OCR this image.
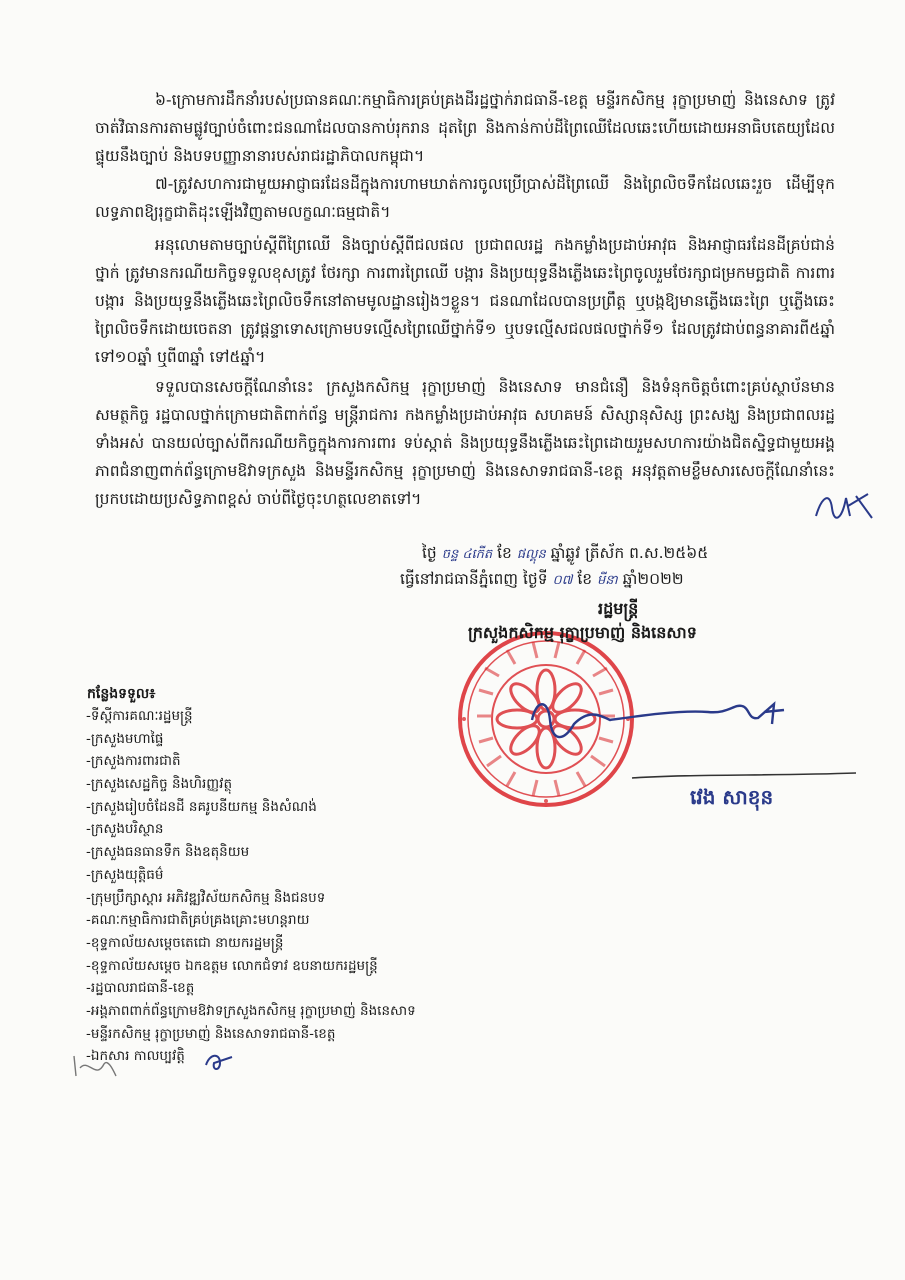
៦-ក្រោមការដឹកនាំរបស់ប្រធានគណៈកម្មាធិការគ្រប់គ្រងដីរដ្ឋថ្នាក់រាជធានី-ខេត្ត មន្ទីរកសិកម្ម រុក្ខាប្រមាញ់ និងនេសាទ ត្រូវចាត់វិធានការតាមផ្លូវច្បាប់ចំពោះជនណាដែលបានកាប់រុករាន ដុតព្រៃ និងកាន់កាប់ដីព្រៃឈើដែលឆេះហើយដោយអនាធិបតេយ្យដែលផ្ទុយនឹងច្បាប់ និងបទបញ្ញានានារបស់រាជរដ្ឋាភិបាលកម្ពុជា។

៧-ត្រូវសហការជាមួយអាជ្ញាធរដែនដីក្នុងការហាមឃាត់ការចូលប្រើប្រាស់ដីព្រៃឈើ និងព្រៃលិចទឹកដែលឆេះរួច ដើម្បីទុកលទ្ធភាពឱ្យរុក្ខជាតិដុះឡើងវិញតាមលក្ខណៈធម្មជាតិ។

អនុលោមតាមច្បាប់ស្តីពីព្រៃឈើ និងច្បាប់ស្តីពីជលផល ប្រជាពលរដ្ឋ កងកម្លាំងប្រដាប់អាវុធ និងអាជ្ញាធរដែនដីគ្រប់ជាន់ថ្នាក់ ត្រូវមានករណីយកិច្ចទទួលខុសត្រូវ ថែរក្សា ការពារព្រៃឈើ បង្ការ និងប្រយុទ្ធនឹងភ្លើងឆេះព្រៃចូលរួមថែរក្សាជម្រកមច្ឆជាតិ ការពារ បង្ការ និងប្រយុទ្ធនឹងភ្លើងឆេះព្រៃលិចទឹកនៅតាមមូលដ្ឋានរៀងៗខ្លួន។ ជនណាដែលបានប្រព្រឹត្ត ឬបង្កឱ្យមានភ្លើងឆេះព្រៃ ឬភ្លើងឆេះព្រៃលិចទឹកដោយចេតនា ត្រូវផ្តន្ទាទោសក្រោមបទល្មើសព្រៃឈើថ្នាក់ទី១ ឬបទល្មើសជលផលថ្នាក់ទី១ ដែលត្រូវជាប់ពន្ធនាគារពី៥ឆ្នាំ ទៅ១០ឆ្នាំ ឬពី៣ឆ្នាំ ទៅ៥ឆ្នាំ។

ទទួលបានសេចក្តីណែនាំនេះ ក្រសួងកសិកម្ម រុក្ខាប្រមាញ់ និងនេសាទ មានជំនឿ និងទំនុកចិត្តចំពោះគ្រប់ស្ថាប័នមានសមត្ថកិច្ច រដ្ឋបាលថ្នាក់ក្រោមជាតិពាក់ព័ន្ធ មន្ត្រីរាជការ កងកម្លាំងប្រដាប់អាវុធ សហគមន៍ សិស្សានុសិស្ស ព្រះសង្ឃ និងប្រជាពលរដ្ឋទាំងអស់ បានយល់ច្បាស់ពីករណីយកិច្ចក្នុងការការពារ ទប់ស្កាត់ និងប្រយុទ្ធនឹងភ្លើងឆេះព្រៃដោយរួមសហការយ៉ាងជិតស្និទ្ធជាមួយអង្គភាពជំនាញពាក់ព័ន្ធក្រោមឱវាទក្រសួង និងមន្ទីរកសិកម្ម រុក្ខាប្រមាញ់ និងនេសាទរាជធានី-ខេត្ត អនុវត្តតាមខ្លឹមសារសេចក្តីណែនាំនេះប្រកបដោយប្រសិទ្ធភាពខ្ពស់ ចាប់ពីថ្ងៃចុះហត្ថលេខាតទៅ។

ថ្ងៃ ចន្ទ ៤កើត ខែ ផល្គុន ឆ្នាំឆ្លូវ ត្រីស័ក ព.ស.២៥៦៥
ធ្វើនៅរាជធានីភ្នំពេញ ថ្ងៃទី ០៧ ខែ មីនា ឆ្នាំ២០២២
រដ្ឋមន្ត្រី
ក្រសួងកសិកម្ម រុក្ខាប្រមាញ់ និងនេសាទ
វេង សាខុន
កន្លែងទទួល៖
-ទីស្តីការគណៈរដ្ឋមន្ត្រី
-ក្រសួងមហាផ្ទៃ
-ក្រសួងការពារជាតិ
-ក្រសួងសេដ្ឋកិច្ច និងហិរញ្ញវត្ថុ
-ក្រសួងរៀបចំដែនដី នគរូបនីយកម្ម និងសំណង់
-ក្រសួងបរិស្ថាន
-ក្រសួងធនធានទឹក និងឧតុនិយម
-ក្រសួងយុត្តិធម៌
-ក្រុមប្រឹក្សាស្តារ អភិវឌ្ឍវិស័យកសិកម្ម និងជនបទ
-គណៈកម្មាធិការជាតិគ្រប់គ្រងគ្រោះមហន្តរាយ
-ខុទ្ទកាល័យសម្តេចតេជោ នាយករដ្ឋមន្ត្រី
-ខុទ្ទកាល័យសម្តេច ឯកឧត្តម លោកជំទាវ ឧបនាយករដ្ឋមន្ត្រី
-រដ្ឋបាលរាជធានី-ខេត្ត
-អង្គភាពពាក់ព័ន្ធក្រោមឱវាទក្រសួងកសិកម្ម រុក្ខាប្រមាញ់ និងនេសាទ
-មន្ទីរកសិកម្ម រុក្ខាប្រមាញ់ និងនេសាទរាជធានី-ខេត្ត
-ឯកសារ កាលប្បវត្តិ
